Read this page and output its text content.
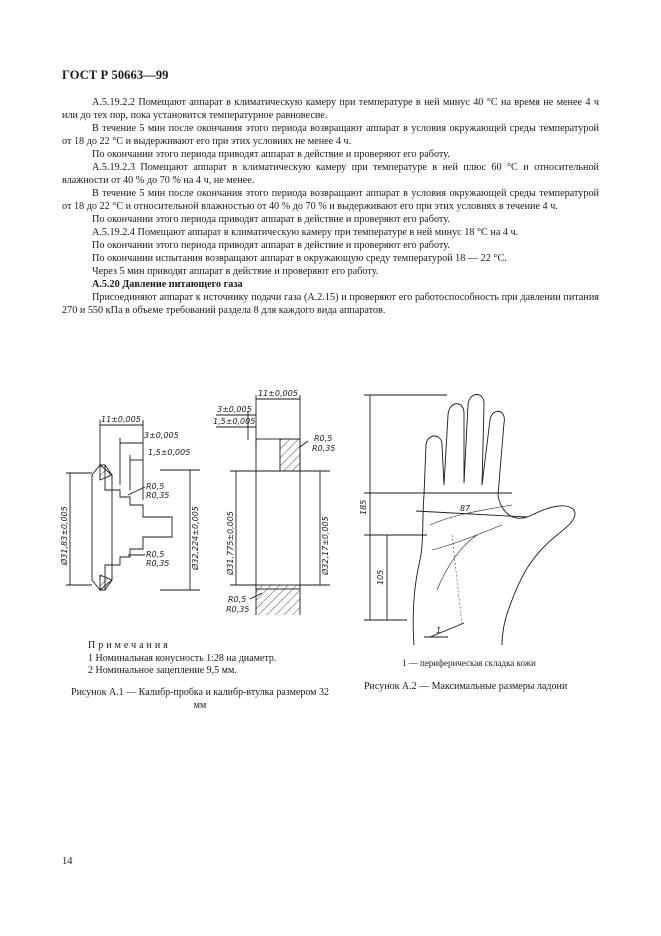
ГОСТ Р 50663—99

A.5.19.2.2 Помещают аппарат в климатическую камеру при температуре в ней минус 40 °С на время не менее 4 ч или до тех пор, пока установится температурное равновесие.

В течение 5 мин после окончания этого периода возвращают аппарат в условия окружающей среды температурой от 18 до 22 °С и выдерживают его при этих условиях не менее 4 ч.

По окончании этого периода приводят аппарат в действие и проверяют его работу.

A.5.19.2.3 Помещают аппарат в климатическую камеру при температуре в ней плюс 60 °С и относительной влажности от 40 % до 70 % на 4 ч, не менее.

В течение 5 мин после окончания этого периода возвращают аппарат в условия окружающей среды температурой от 18 до 22 °С и относительной влажностью от 40 % до 70 % и выдерживают его при этих условиях в течение 4 ч.

По окончании этого периода приводят аппарат в действие и проверяют его работу.

A.5.19.2.4 Помещают аппарат в климатическую камеру при температуре в ней минус 18 °С на 4 ч.

По окончании этого периода приводят аппарат в действие и проверяют его работу.

По окончании испытания возвращают аппарат в окружающую среду температурой 18 — 22 °С.

Через 5 мин приводят аппарат в действие и проверяют его работу.

А.5.20 Давление питающего газа

Присоединяют аппарат к источнику подачи газа (А.2.15) и проверяют его работоспособность при давлении питания 270 и 550 кПа в объеме требований раздела 8 для каждого вида аппаратов.

11±0,005
3±0,005
1,5±0,005
R0,5
R0,35
R0,5
R0,35
Ø31,83±0,005	Ø32,224±0,005
11±0,005
3±0,005
1,5±0,005
R0,5
R0,35
R0,5
R0,35
Ø31,775±0,005	Ø32,17±0,005
185
105
87
1
Примечания
1 Номинальная конусность 1:28 на диаметр.
2 Номинальное зацепление 9,5 мм.
Рисунок А.1 — Калибр-пробка и калибр-втулка размером 32 мм
1 — периферическая складка кожи
Рисунок А.2 — Максимальные размеры ладони
14
